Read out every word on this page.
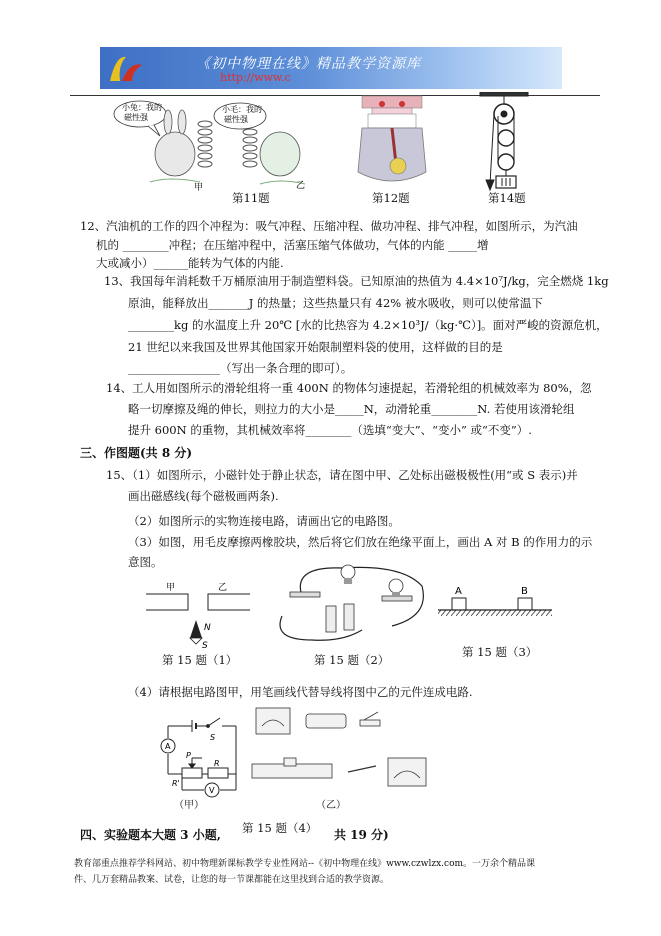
《初中物理在线》精品教学资源库
http://www.c
小兔：我的
磁性强
小毛：我的
磁性强
甲	乙
第11题	第12题	第14题
12、汽油机的工作的四个冲程为：吸气冲程、压缩冲程、做功冲程、排气冲程，如图所示，为汽油
机的 ________冲程；在压缩冲程中，活塞压缩气体做功，气体的内能 _____增
大或减小）______能转为气体的内能.
13、我国每年消耗数千万桶原油用于制造塑料袋。已知原油的热值为 4.4×10⁷J/kg，完全燃烧 1kg
原油，能释放出_______J 的热量；这些热量只有 42% 被水吸收，则可以使常温下
________kg 的水温度上升 20℃ [水的比热容为 4.2×10³J/（kg·℃）]。面对严峻的资源危机，
21 世纪以来我国及世界其他国家开始限制塑料袋的使用，这样做的目的是
________________（写出一条合理的即可）。
14、工人用如图所示的滑轮组将一重 400N 的物体匀速提起，若滑轮组的机械效率为 80%，忽
略一切摩擦及绳的伸长，则拉力的大小是_____N，动滑轮重________N. 若使用该滑轮组
提升 600N 的重物，其机械效率将________（选填“变大”、“变小” 或“不变”）.
三、作图题(共 8 分)
15、（1）如图所示，小磁针处于静止状态，请在图中甲、乙处标出磁极极性(用“或 S 表示)并
画出磁感线(每个磁极画两条).
（2）如图所示的实物连接电路，请画出它的电路图。
（3）如图，用毛皮摩擦两橡胶块，然后将它们放在绝缘平面上，画出 A 对 B 的作用力的示
意图。
甲	乙
N
S
A	B
第 15 题（1）	第 15 题（2）
第 15 题（3）
（4）请根据电路图甲，用笔画线代替导线将图中乙的元件连成电路.
A
V
S
P
R
R'
（甲）	（乙）
第 15 题（4）
四、实验题本大题 3 小题,	共 19 分)
教育部重点推荐学科网站、初中物理新课标教学专业性网站--《初中物理在线》www.czwlzx.com。一万余个精品课
件、几万套精品教案、试卷，让您的每一节课都能在这里找到合适的教学资源。
